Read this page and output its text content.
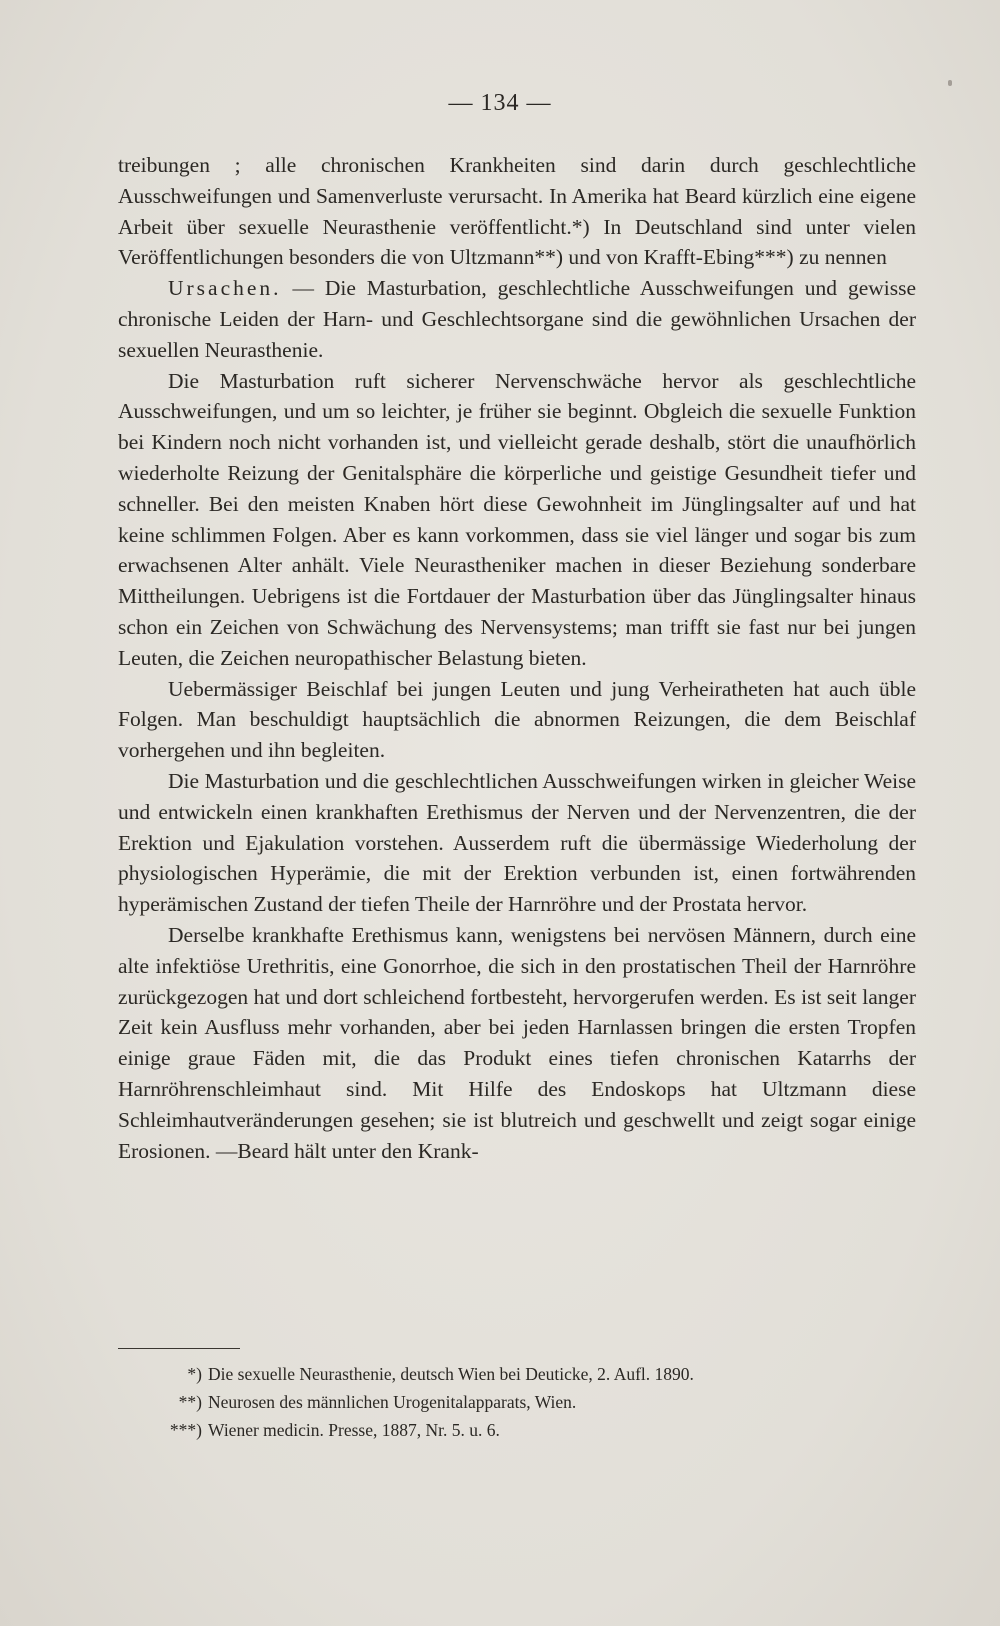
— 134 —

treibungen ; alle chronischen Krankheiten sind darin durch geschlechtliche Ausschweifungen und Samenverluste verursacht. In Amerika hat Beard kürzlich eine eigene Arbeit über sexuelle Neurasthenie veröffentlicht.*) In Deutschland sind unter vielen Veröffentlichungen besonders die von Ultzmann**) und von Krafft-Ebing***) zu nennen

Ursachen. — Die Masturbation, geschlechtliche Ausschweifungen und gewisse chronische Leiden der Harn- und Geschlechtsorgane sind die gewöhnlichen Ursachen der sexuellen Neurasthenie.

Die Masturbation ruft sicherer Nervenschwäche hervor als geschlechtliche Ausschweifungen, und um so leichter, je früher sie beginnt. Obgleich die sexuelle Funktion bei Kindern noch nicht vorhanden ist, und vielleicht gerade deshalb, stört die unaufhörlich wiederholte Reizung der Genitalsphäre die körperliche und geistige Gesundheit tiefer und schneller. Bei den meisten Knaben hört diese Gewohnheit im Jünglingsalter auf und hat keine schlimmen Folgen. Aber es kann vorkommen, dass sie viel länger und sogar bis zum erwachsenen Alter anhält. Viele Neurastheniker machen in dieser Beziehung sonderbare Mittheilungen. Uebrigens ist die Fortdauer der Masturbation über das Jünglingsalter hinaus schon ein Zeichen von Schwächung des Nervensystems; man trifft sie fast nur bei jungen Leuten, die Zeichen neuropathischer Belastung bieten.

Uebermässiger Beischlaf bei jungen Leuten und jung Verheiratheten hat auch üble Folgen. Man beschuldigt hauptsächlich die abnormen Reizungen, die dem Beischlaf vorhergehen und ihn begleiten.

Die Masturbation und die geschlechtlichen Ausschweifungen wirken in gleicher Weise und entwickeln einen krankhaften Erethismus der Nerven und der Nervenzentren, die der Erektion und Ejakulation vorstehen. Ausserdem ruft die übermässige Wiederholung der physiologischen Hyperämie, die mit der Erektion verbunden ist, einen fortwährenden hyperämischen Zustand der tiefen Theile der Harnröhre und der Prostata hervor.

Derselbe krankhafte Erethismus kann, wenigstens bei nervösen Männern, durch eine alte infektiöse Urethritis, eine Gonorrhoe, die sich in den prostatischen Theil der Harnröhre zurückgezogen hat und dort schleichend fortbesteht, hervorgerufen werden. Es ist seit langer Zeit kein Ausfluss mehr vorhanden, aber bei jeden Harnlassen bringen die ersten Tropfen einige graue Fäden mit, die das Produkt eines tiefen chronischen Katarrhs der Harnröhrenschleimhaut sind. Mit Hilfe des Endoskops hat Ultzmann diese Schleimhautveränderungen gesehen; sie ist blutreich und geschwellt und zeigt sogar einige Erosionen. —Beard hält unter den Krank-

*) Die sexuelle Neurasthenie, deutsch Wien bei Deuticke, 2. Aufl. 1890.
**) Neurosen des männlichen Urogenitalapparats, Wien.
***) Wiener medicin. Presse, 1887, Nr. 5. u. 6.
